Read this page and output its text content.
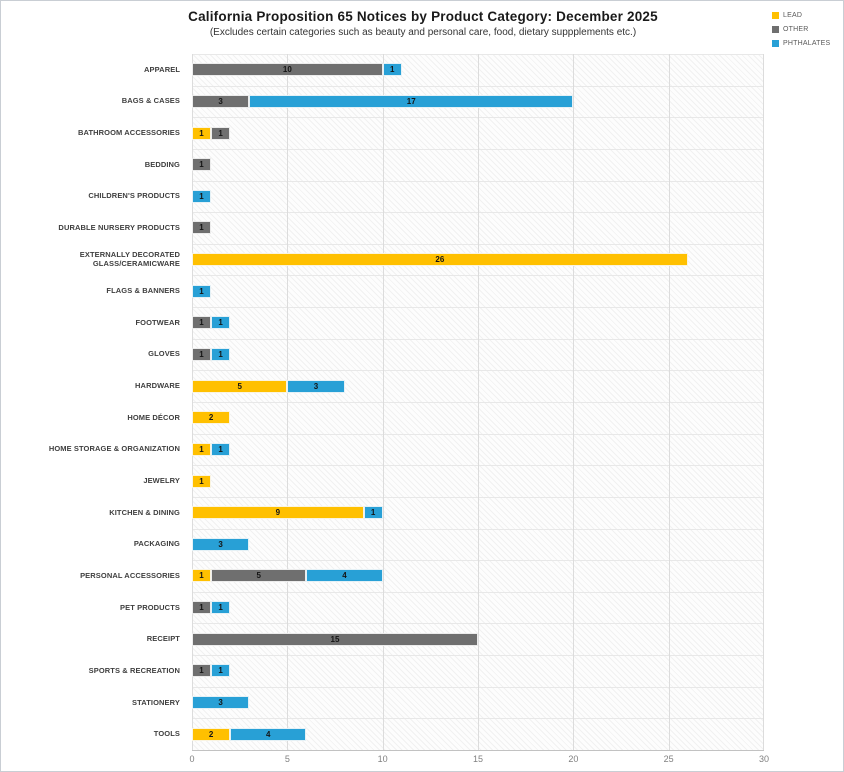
California Proposition 65 Notices by Product Category: December 2025
(Excludes certain categories such as beauty and personal care, food, dietary suppplements etc.)
LEAD
OTHER
PHTHALATES
APPAREL
BAGS & CASES
BATHROOM ACCESSORIES
BEDDING
CHILDREN'S PRODUCTS
DURABLE NURSERY PRODUCTS
EXTERNALLY DECORATED GLASS/CERAMICWARE
FLAGS & BANNERS
FOOTWEAR
GLOVES
HARDWARE
HOME DÉCOR
HOME STORAGE & ORGANIZATION
JEWELRY
KITCHEN & DINING
PACKAGING
PERSONAL ACCESSORIES
PET PRODUCTS
RECEIPT
SPORTS & RECREATION
STATIONERY
TOOLS
10	1
3	17
1 1
1
1
1
26
1
1 1
1 1
5	3
2
1 1
1
9	1
3
1	5	4
1 1
15
1 1
3
2	4
0	5	10	15	20	25	30
